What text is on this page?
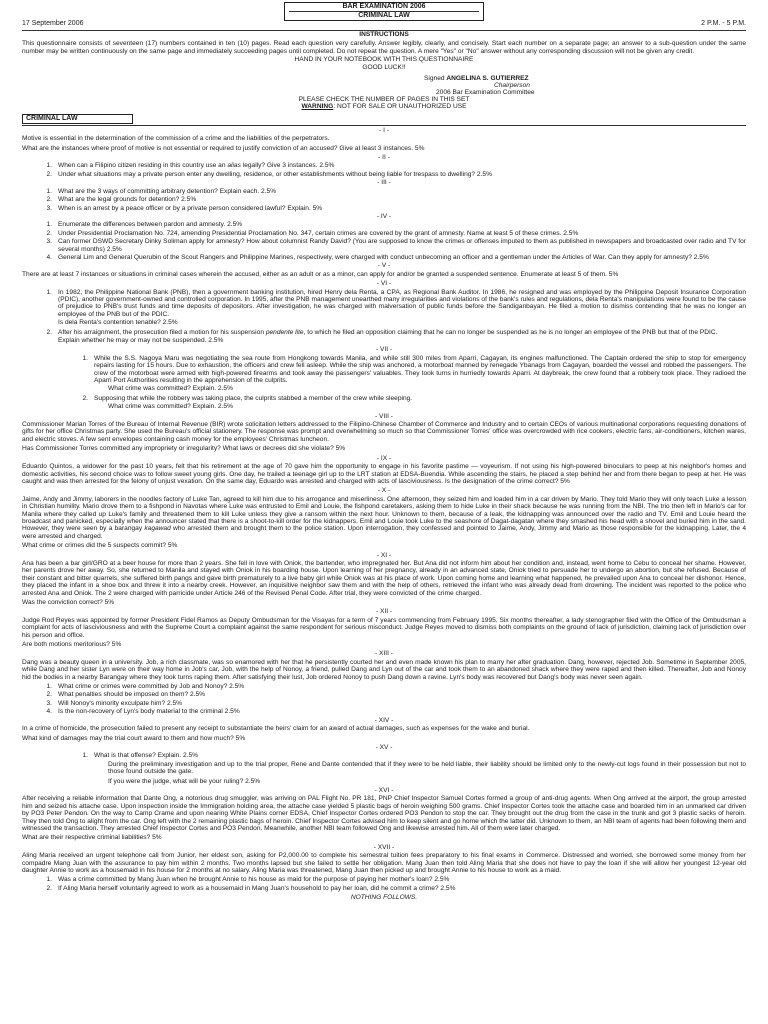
BAR EXAMINATION 2006
CRIMINAL LAW
17 September 2006	2 P.M. - 5 P.M.
INSTRUCTIONS
This questionnaire consists of seventeen (17) numbers contained in ten (10) pages. Read each question very carefully. Answer legibly, clearly, and concisely. Start each number on a separate page; an answer to a sub-question under the same number may be written continuously on the same page and immediately succeeding pages until completed. Do not repeat the question. A mere "Yes" or "No" answer without any corresponding discussion will not be given any credit.
HAND IN YOUR NOTEBOOK WITH THIS QUESTIONNAIRE
GOOD LUCK!!
Signed ANGELINA S. GUTIERREZ
Chairperson
2006 Bar Examination Committee
PLEASE CHECK THE NUMBER OF PAGES IN THIS SET
WARNING: NOT FOR SALE OR UNAUTHORIZED USE
CRIMINAL LAW
- I -

Motive is essential in the determination of the commission of a crime and the liabilities of the perpetrators.

What are the instances where proof of motive is not essential or required to justify conviction of an accused? Give at least 3 instances. 5%

- II -
1. When can a Filipino citizen residing in this country use an alias legally? Give 3 instances. 2.5%
2. Under what situations may a private person enter any dwelling, residence, or other establishments without being liable for trespass to dwelling? 2.5%
- III -
1. What are the 3 ways of committing arbitrary detention? Explain each. 2.5%
2. What are the legal grounds for detention? 2.5%
3. When is an arrest by a peace officer or by a private person considered lawful? Explain. 5%
- IV -
1. Enumerate the differences between pardon and amnesty. 2.5%
2. Under Presidential Proclamation No. 724, amending Presidential Proclamation No. 347, certain crimes are covered by the grant of amnesty. Name at least 5 of these crimes. 2.5%
3. Can former DSWD Secretary Dinky Soliman apply for amnesty? How about columnist Randy David? (You are supposed to know the crimes or offenses imputed to them as published in newspapers and broadcasted over radio and TV for several months) 2.5%
4. General Lim and General Querubin of the Scout Rangers and Philippine Marines, respectively, were charged with conduct unbecoming an officer and a gentleman under the Articles of War. Can they apply for amnesty? 2.5%
- V -

There are at least 7 instances or situations in criminal cases wherein the accused, either as an adult or as a minor, can apply for and/or be granted a suspended sentence. Enumerate at least 5 of them. 5%

- VI -
1. In 1982, the Philippine National Bank (PNB), then a government banking institution, hired Henry dela Renta, a CPA, as Regional Bank Auditor. In 1986, he resigned and was employed by the Philippine Deposit Insurance Corporation (PDIC), another government-owned and controlled corporation. In 1995, after the PNB management unearthed many irregularities and violations of the bank's rules and regulations, dela Renta's manipulations were found to be the cause of prejudice to PNB's trust funds and time deposits of depositors. After investigation, he was charged with malversation of public funds before the Sandiganbayan. He filed a motion to dismiss contending that he was no longer an employee of the PNB but of the PDIC.
Is dela Renta's contention tenable? 2.5%
2. After his arraignment, the prosecution filed a motion for his suspension pendente lite, to which he filed an opposition claiming that he can no longer be suspended as he is no longer an employee of the PNB but that of the PDIC.
Explain whether he may or may not be suspended. 2.5%
- VII -
1. While the S.S. Nagoya Maru was negotiating the sea route from Hongkong towards Manila, and while still 300 miles from Aparri, Cagayan, its engines malfunctioned. The Captain ordered the ship to stop for emergency repairs lasting for 15 hours. Due to exhaustion, the officers and crew fell asleep. While the ship was anchored, a motorboat manned by renegade Ybanags from Cagayan, boarded the vessel and robbed the passengers. The crew of the motorboat were armed with high-powered firearms and took away the passengers' valuables. They took turns in hurriedly towards Aparri. At daybreak, the crew found that a robbery took place. They radioed the Aparri Port Authorities resulting in the apprehension of the culprits.
What crime was committed? Explain. 2.5%
2. Supposing that while the robbery was taking place, the culprits stabbed a member of the crew while sleeping.
What crime was committed? Explain. 2.5%
- VIII -

Commissioner Marian Torres of the Bureau of Internal Revenue (BIR) wrote solicitation letters addressed to the Filipino-Chinese Chamber of Commerce and Industry and to certain CEOs of various multinational corporations requesting donations of gifts for her office Christmas party. She used the Bureau's official stationery. The response was prompt and overwhelming so much so that Commissioner Torres' office was overcrowded with rice cookers, electric fans, air-conditioners, kitchen wares, and electric stoves. A few sent envelopes containing cash money for the employees' Christmas luncheon.

Has Commissioner Torres committed any impropriety or irregularity? What laws or decrees did she violate? 5%

- IX -

Eduardo Quintos, a widower for the past 10 years, felt that his retirement at the age of 70 gave him the opportunity to engage in his favorite pastime — voyeurism. If not using his high-powered binoculars to peep at his neighbor's homes and domestic activities, his second choice was to follow sweet young girls. One day, he trailed a teenage girl up to the LRT station at EDSA-Buendia. While ascending the stairs, he placed a step behind her and from there began to peep at her. He was caught and was then arrested for the felony of unjust vexation. On the same day, Eduardo was arrested and charged with acts of lasciviousness. Is the designation of the crime correct? 5%

- X -

Jaime, Andy and Jimmy, laborers in the noodles factory of Luke Tan, agreed to kill him due to his arrogance and miserliness. One afternoon, they seized him and loaded him in a car driven by Mario. They told Mario they will only teach Luke a lesson in Christian humility. Mario drove them to a fishpond in Navotas where Luke was entrusted to Emil and Louie, the fishpond caretakers, asking them to hide Luke in their shack because he was running from the NBI. The trio then left in Mario's car for Manila where they called up Luke's family and threatened them to kill Luke unless they give a ransom within the next hour. Unknown to them, because of a leak, the kidnapping was announced over the radio and TV. Emil and Louie heard the broadcast and panicked, especially when the announcer stated that there is a shoot-to-kill order for the kidnappers. Emil and Louie took Luke to the seashore of Dagat-dagatan where they smashed his head with a shovel and buried him in the sand. However, they were seen by a barangay kagawad who arrested them and brought them to the police station. Upon interrogation, they confessed and pointed to Jaime, Andy, Jimmy and Mario as those responsible for the kidnapping. Later, the 4 were arrested and charged.

What crime or crimes did the 5 suspects commit? 5%

- XI -

Ana has been a bar girl/GRO at a beer house for more than 2 years. She fell in love with Oniok, the bartender, who impregnated her. But Ana did not inform him about her condition and, instead, went home to Cebu to conceal her shame. However, her parents drove her away. So, she returned to Manila and stayed with Oniok in his boarding house. Upon learning of her pregnancy, already in an advanced state, Oniok tried to persuade her to undergo an abortion, but she refused. Because of their constant and bitter quarrels, she suffered birth pangs and gave birth prematurely to a live baby girl while Oniok was at his place of work. Upon coming home and learning what happened, he prevailed upon Ana to conceal her dishonor. Hence, they placed the infant in a shoe box and threw it into a nearby creek. However, an inquisitive neighbor saw them and with the help of others, retrieved the infant who was already dead from drowning. The incident was reported to the police who arrested Ana and Oniok. The 2 were charged with parricide under Article 246 of the Revised Penal Code. After trial, they were convicted of the crime charged.

Was the conviction correct? 5%

- XII -

Judge Rod Reyes was appointed by former President Fidel Ramos as Deputy Ombudsman for the Visayas for a term of 7 years commencing from February 1995. Six months thereafter, a lady stenographer filed with the Office of the Ombudsman a complaint for acts of lasciviousness and with the Supreme Court a complaint against the same respondent for serious misconduct. Judge Reyes moved to dismiss both complaints on the ground of lack of jurisdiction, claiming lack of jurisdiction over his person and office.

Are both motions meritorious? 5%

- XIII -

Dang was a beauty queen in a university. Job, a rich classmate, was so enamored with her that he persistently courted her and even made known his plan to marry her after graduation. Dang, however, rejected Job. Sometime in September 2005, while Dang and her sister Lyn were on their way home in Job's car, Job, with the help of Nonoy, a friend, pulled Dang and Lyn out of the car and took them to an abandoned shack where they were raped and then killed. Thereafter, Job and Nonoy hid the bodies in a nearby Barangay where they took turns raping them. After satisfying their lust, Job ordered Nonoy to push Dang down a ravine. Lyn's body was recovered but Dang's body was never seen again.

1. What crime or crimes were committed by Job and Nonoy? 2.5%
2. What penalties should be imposed on them? 2.5%
3. Will Nonoy's minority exculpate him? 2.5%
4. Is the non-recovery of Lyn's body material to the criminal 2.5%
- XIV -

In a crime of homicide, the prosecution failed to present any receipt to substantiate the heirs' claim for an award of actual damages, such as expenses for the wake and burial.

What kind of damages may the trial court award to them and how much? 5%

- XV -
1. What is that offense? Explain. 2.5%
During the preliminary investigation and up to the trial proper, Rene and Dante contended that if they were to be held liable, their liability should be limited only to the newly-cut logs found in their possession but not to those found outside the gate.
If you were the judge, what will be your ruling? 2.5%
- XVI -

After receiving a reliable information that Dante Ong, a notorious drug smuggler, was arriving on PAL Flight No. PR 181, PNP Chief Inspector Samuel Cortes formed a group of anti-drug agents. When Ong arrived at the airport, the group arrested him and seized his attache case. Upon inspection inside the Immigration holding area, the attache case yielded 5 plastic bags of heroin weighing 500 grams. Chief Inspector Cortes took the attache case and boarded him in an unmarked car driven by PO3 Peter Pendon. On the way to Camp Crame and upon nearing White Plains corner EDSA, Chief Inspector Cortes ordered PO3 Pendon to stop the car. They brought out the drug from the case in the trunk and got 3 plastic sacks of heroin. They then told Ong to alight from the car. Ong left with the 2 remaining plastic bags of heroin. Chief Inspector Cortes advised him to keep silent and go home which the latter did. Unknown to them, an NBI team of agents had been following them and witnessed the transaction. They arrested Chief Inspector Cortes and PO3 Pendon. Meanwhile, another NBI team followed Ong and likewise arrested him. All of them were later charged.

What are their respective criminal liabilities? 5%

- XVII -

Aling Maria received an urgent telephone call from Junior, her eldest son, asking for P2,000.00 to complete his semestral tuition fees preparatory to his final exams in Commerce. Distressed and worried, she borrowed some money from her compadre Mang Juan with the assurance to pay him within 2 months. Two months lapsed but she failed to settle her obligation. Mang Juan then told Aling Maria that she does not have to pay the loan if she will allow her youngest 12-year old daughter Annie to work as a housemaid in his house for 2 months at no salary. Aling Maria was threatened, Mang Juan then picked up and brought Annie to his house to work as a maid.

1. Was a crime committed by Mang Juan when he brought Annie to his house as maid for the purpose of paying her mother's loan? 2.5%
2. If Aling Maria herself voluntarily agreed to work as a housemaid in Mang Juan's household to pay her loan, did he commit a crime? 2.5%
NOTHING FOLLOWS.
